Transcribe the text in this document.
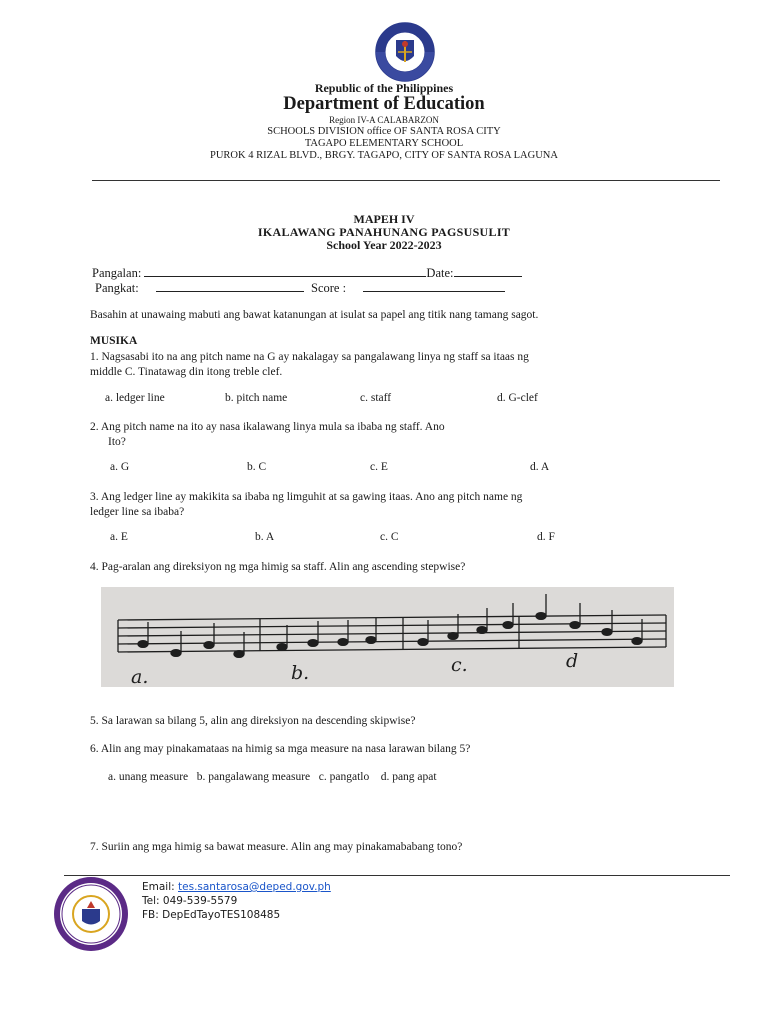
Republic of the Philippines
Department of Education
Region IV-A CALABARZON
SCHOOLS DIVISION office OF SANTA ROSA CITY
TAGAPO ELEMENTARY SCHOOL
PUROK 4 RIZAL BLVD., BRGY. TAGAPO, CITY OF SANTA ROSA LAGUNA
MAPEH IV
IKALAWANG PANAHUNANG PAGSUSULIT
School Year 2022-2023
Pangalan:	Date:
Pangkat:	Score :
Basahin at unawaing mabuti ang bawat katanungan at isulat sa papel ang titik nang tamang sagot.
MUSIKA
1. Nagsasabi ito na ang pitch name na G ay nakalagay sa pangalawang linya ng staff sa itaas ng
middle C. Tinatawag din itong treble clef.
a. ledger line	b. pitch name	c. staff	d. G-clef
2. Ang pitch name na ito ay nasa ikalawang linya mula sa ibaba ng staff. Ano
Ito?
a. G	b. C	c. E	d. A
3. Ang ledger line ay makikita sa ibaba ng limguhit at sa gawing itaas. Ano ang pitch name ng
ledger line sa ibaba?
a. E	b. A	c. C	d. F
4. Pag-aralan ang direksiyon ng mga himig sa staff. Alin ang ascending stepwise?
a.	b.	c.	d
5. Sa larawan sa bilang 5, alin ang direksiyon na descending skipwise?
6. Alin ang may pinakamataas na himig sa mga measure na nasa larawan bilang 5?
a. unang measure   b. pangalawang measure   c. pangatlo    d. pang apat
7. Suriin ang mga himig sa bawat measure. Alin ang may pinakamababang tono?
Email: tes.santarosa@deped.gov.ph
Tel: 049-539-5579
FB: DepEdTayoTES108485
